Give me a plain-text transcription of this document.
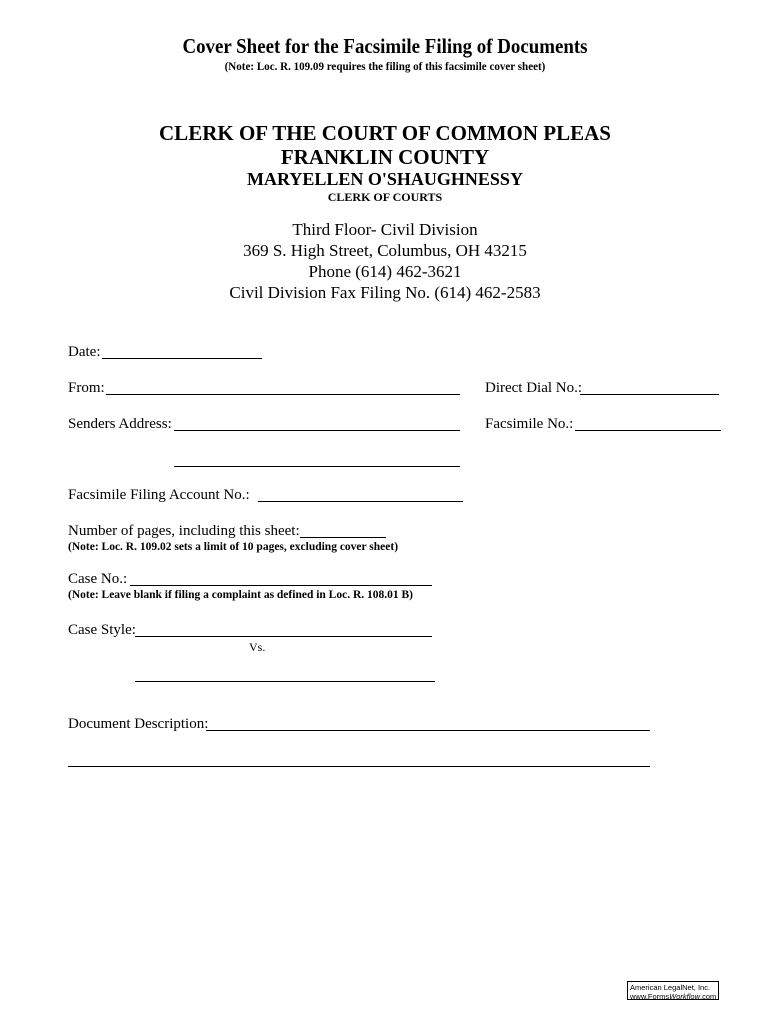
Cover Sheet for the Facsimile Filing of Documents
(Note: Loc. R. 109.09 requires the filing of this facsimile cover sheet)
CLERK OF THE COURT OF COMMON PLEAS
FRANKLIN COUNTY
MARYELLEN O'SHAUGHNESSY
CLERK OF COURTS
Third Floor- Civil Division
369 S. High Street, Columbus, OH 43215
Phone (614) 462-3621
Civil Division Fax Filing No. (614) 462-2583
Date:
From:	Direct Dial No.:
Senders Address:	Facsimile No.:
Facsimile Filing Account No.:
Number of pages, including this sheet:
(Note: Loc. R. 109.02 sets a limit of 10 pages, excluding cover sheet)
Case No.:
(Note: Leave blank if filing a complaint as defined in Loc. R. 108.01 B)
Case Style:
Vs.
Document Description:
American LegalNet, Inc.
www.FormsWorkflow.com
